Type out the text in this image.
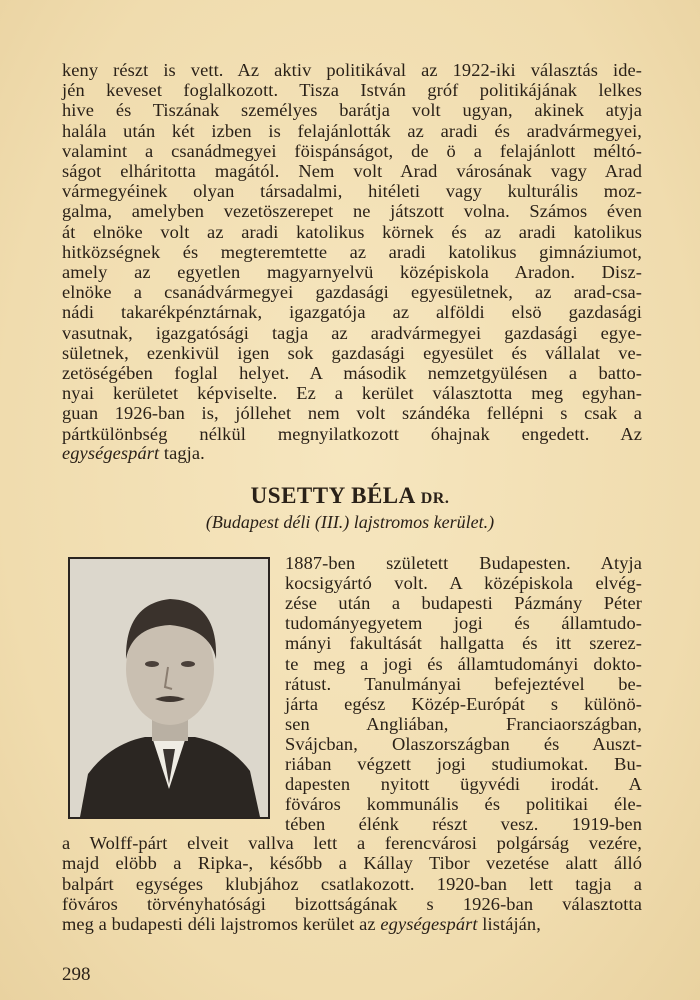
keny részt is vett. Az aktiv politikával az 1922-iki választás ide-
jén keveset foglalkozott. Tisza István gróf politikájának lelkes
hive és Tiszának személyes barátja volt ugyan, akinek atyja
halála után két izben is felajánlották az aradi és aradvármegyei,
valamint a csanádmegyei föispánságot, de ö a felajánlott méltó-
ságot elháritotta magától. Nem volt Arad városának vagy Arad
vármegyéinek olyan társadalmi, hitéleti vagy kulturális moz-
galma, amelyben vezetöszerepet ne játszott volna. Számos éven
át elnöke volt az aradi katolikus körnek és az aradi katolikus
hitközségnek és megteremtette az aradi katolikus gimnáziumot,
amely az egyetlen magyarnyelvü középiskola Aradon. Disz-
elnöke a csanádvármegyei gazdasági egyesületnek, az arad-csa-
nádi takarékpénztárnak, igazgatója az alföldi elsö gazdasági
vasutnak, igazgatósági tagja az aradvármegyei gazdasági egye-
sületnek, ezenkivül igen sok gazdasági egyesület és vállalat ve-
zetöségében foglal helyet. A második nemzetgyülésen a batto-
nyai kerületet képviselte. Ez a kerület választotta meg egyhan-
guan 1926-ban is, jóllehet nem volt szándéka fellépni s csak a
pártkülönbség nélkül megnyilatkozott óhajnak engedett. Az
egységespárt tagja.
USETTY BÉLA DR.
(Budapest déli (III.) lajstromos kerület.)
1887-ben született Budapesten. Atyja
kocsigyártó volt. A középiskola elvég-
zése után a budapesti Pázmány Péter
tudományegyetem jogi és államtudo-
mányi fakultását hallgatta és itt szerez-
te meg a jogi és államtudományi dokto-
rátust. Tanulmányai befejeztével be-
járta egész Közép-Európát s különö-
sen Angliában, Franciaországban,
Svájcban, Olaszországban és Auszt-
riában végzett jogi studiumokat. Bu-
dapesten nyitott ügyvédi irodát. A
föváros kommunális és politikai éle-
tében élénk részt vesz. 1919-ben
a Wolff-párt elveit vallva lett a ferencvárosi polgárság vezére,
majd elöbb a Ripka-, később a Kállay Tibor vezetése alatt álló
balpárt egységes klubjához csatlakozott. 1920-ban lett tagja a
föváros törvényhatósági bizottságának s 1926-ban választotta
meg a budapesti déli lajstromos kerület az egységespárt listáján,
298
